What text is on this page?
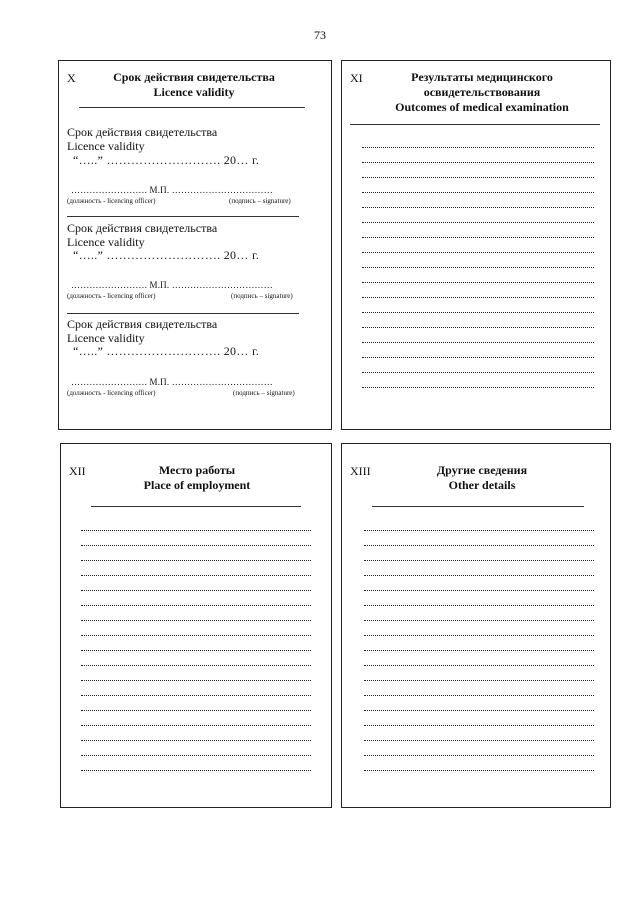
73
X	Срок действия свидетельства
Licence validity
Срок действия свидетельства
Licence validity
“…..” ………………………. 20… г.
……………………. М.П. ……………………………
(должность - licencing officer)	(подпись – signature)
Срок действия свидетельства
Licence validity
“…..” ………………………. 20… г.
……………………. М.П. ……………………………
(должность - licencing officer)	(подпись – signature)
Срок действия свидетельства
Licence validity
“…..” ………………………. 20… г.
……………………. М.П. ……………………………
(должность - licencing officer)	(подпись – signature)
XI	Результаты медицинского
освидетельствования
Outcomes of medical examination
XII	Место работы
Place of employment
XIII	Другие сведения
Other details
